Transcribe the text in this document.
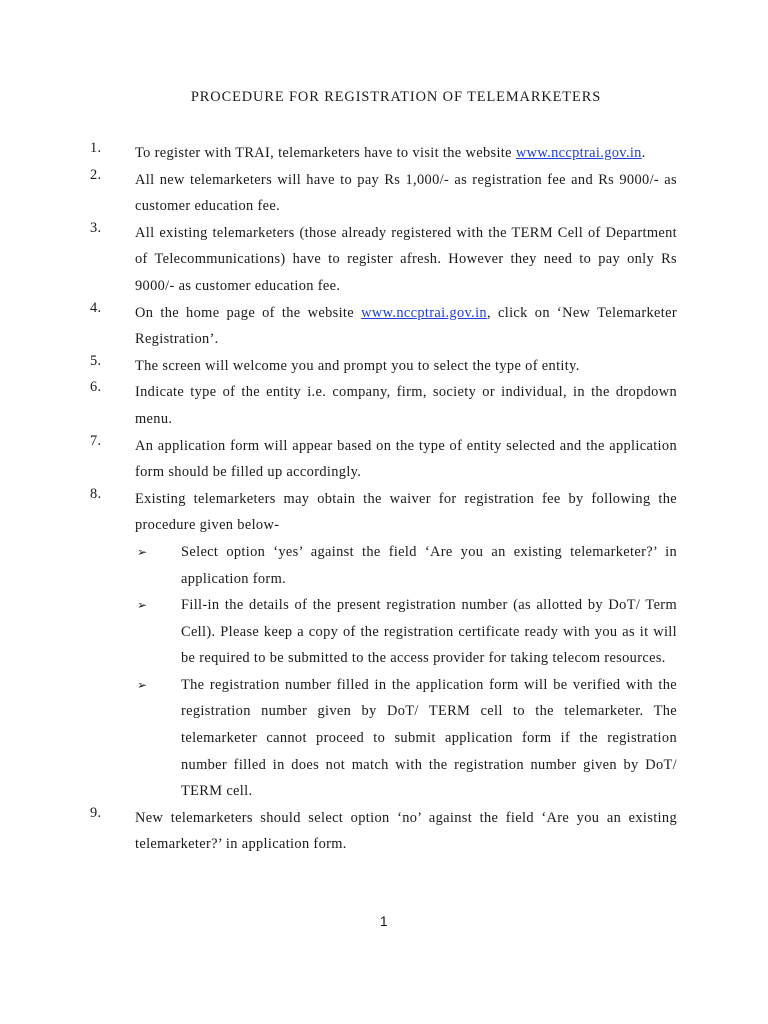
PROCEDURE FOR REGISTRATION OF TELEMARKETERS
1. To register with TRAI, telemarketers have to visit the website www.nccptrai.gov.in.
2. All new telemarketers will have to pay Rs 1,000/- as registration fee and Rs 9000/- as customer education fee.
3. All existing telemarketers (those already registered with the TERM Cell of Department of Telecommunications) have to register afresh. However they need to pay only Rs 9000/- as customer education fee.
4. On the home page of the website www.nccptrai.gov.in, click on ‘New Telemarketer Registration’.
5. The screen will welcome you and prompt you to select the type of entity.
6. Indicate type of the entity i.e. company, firm, society or individual, in the dropdown menu.
7. An application form will appear based on the type of entity selected and the application form should be filled up accordingly.
8. Existing telemarketers may obtain the waiver for registration fee by following the procedure given below-
➢ Select option ‘yes’ against the field ‘Are you an existing telemarketer?’ in application form.
➢ Fill-in the details of the present registration number (as allotted by DoT/ Term Cell). Please keep a copy of the registration certificate ready with you as it will be required to be submitted to the access provider for taking telecom resources.
➢ The registration number filled in the application form will be verified with the registration number given by DoT/ TERM cell to the telemarketer. The telemarketer cannot proceed to submit application form if the registration number filled in does not match with the registration number given by DoT/ TERM cell.
9. New telemarketers should select option ‘no’ against the field ‘Are you an existing telemarketer?’ in application form.
1
